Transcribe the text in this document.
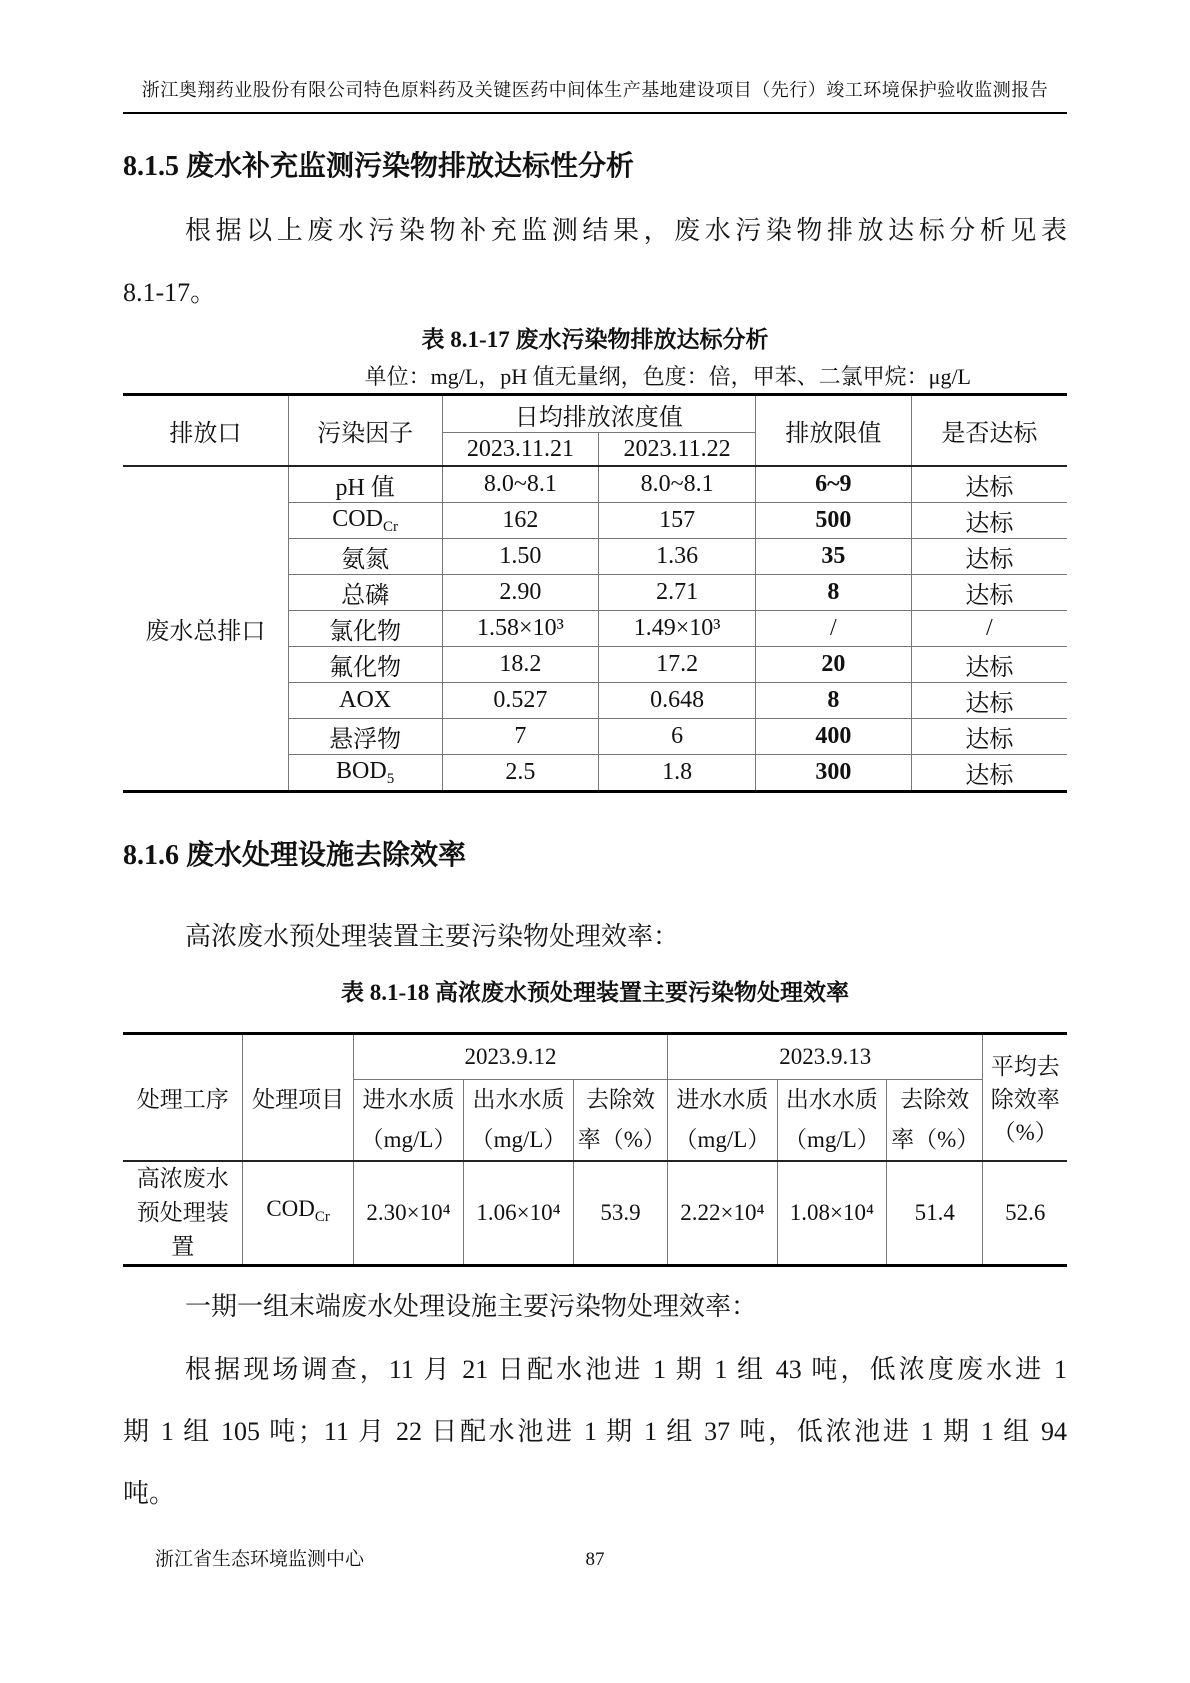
浙江奥翔药业股份有限公司特色原料药及关键医药中间体生产基地建设项目（先行）竣工环境保护验收监测报告
8.1.5 废水补充监测污染物排放达标性分析
根据以上废水污染物补充监测结果，废水污染物排放达标分析见表
8.1-17。
表 8.1-17 废水污染物排放达标分析
单位：mg/L，pH 值无量纲，色度：倍，甲苯、二氯甲烷：μg/L
排放口	污染因子	日均排放浓度值		排放限值	是否达标
		2023.11.21	2023.11.22		
废水总排口	pH 值	8.0~8.1	8.0~8.1	6~9	达标
	$COD_{Cr}$	162	157	500	达标
	氨氮	1.50	1.36	35	达标
	总磷	2.90	2.71	8	达标
	氯化物	1.58×10³	1.49×10³	/	/
	氟化物	18.2	17.2	20	达标
	AOX	0.527	0.648	8	达标
	悬浮物	7	6	400	达标
	$BOD_5$	2.5	1.8	300	达标
8.1.6 废水处理设施去除效率
高浓废水预处理装置主要污染物处理效率：
表 8.1-18 高浓废水预处理装置主要污染物处理效率
处理工序	处理项目	2023.9.12			2023.9.13			平均去除效率（%）
		进水水质（mg/L）	出水水质（mg/L）	去除效率（%）	进水水质（mg/L）	出水水质（mg/L）	去除效率（%）	
高浓废水预处理装置	$COD_{Cr}$	2.30×10⁴	1.06×10⁴	53.9	2.22×10⁴	1.08×10⁴	51.4	52.6
一期一组末端废水处理设施主要污染物处理效率：
根据现场调查，11 月 21 日配水池进 1 期 1 组 43 吨，低浓度废水进 1
期 1 组 105 吨；11 月 22 日配水池进 1 期 1 组 37 吨，低浓池进 1 期 1 组 94
吨。
浙江省生态环境监测中心	87
